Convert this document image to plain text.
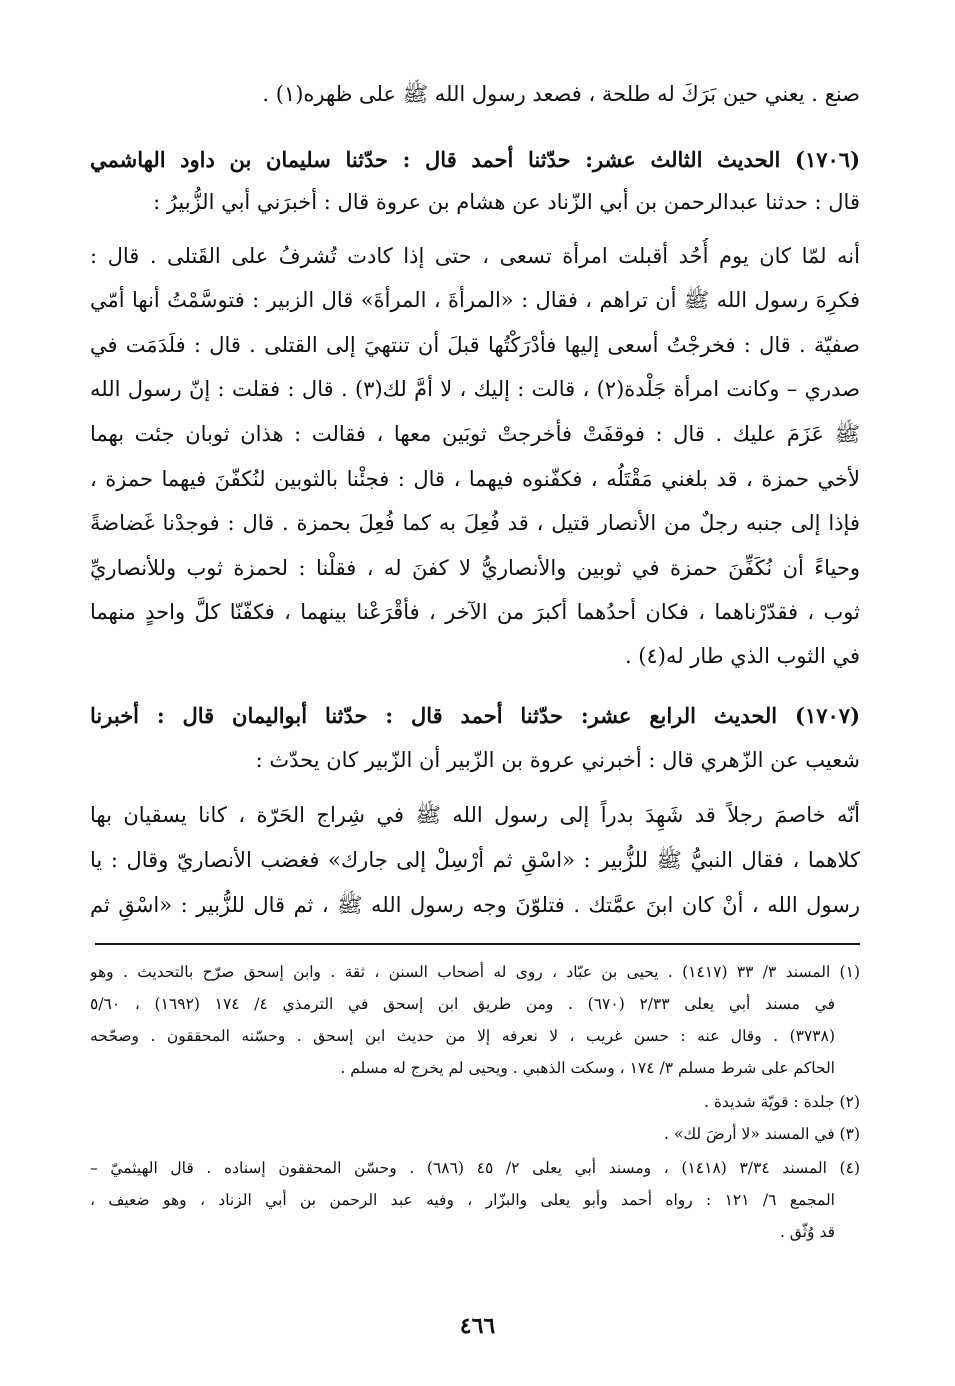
صنع . يعني حين بَرَكَ له طلحة ، فصعد رسول الله ﷺ على ظهره(١) .
(١٧٠٦) الحديث الثالث عشر: حدّثنا أحمد قال : حدّثنا سليمان بن داود الهاشمي
قال : حدثنا عبدالرحمن بن أبي الزّناد عن هشام بن عروة قال : أخبرَني أبي الزُّبيرُ :
أنه لمّا كان يوم أُحُد أقبلت امرأة تسعى ، حتى إذا كادت تُشرفُ على القَتلى . قال :
فكرِهَ رسول الله ﷺ أن تراهم ، فقال : «المرأةَ ، المرأةَ» قال الزبير : فتوسَّمْتُ أنها أمّي
صفيّة . قال : فخرجْتُ أسعى إليها فأدْرَكْتُها قبلَ أن تنتهيَ إلى القتلى . قال : فلَدَمَت في
صدري – وكانت امرأة جَلْدة(٢) ، قالت : إليك ، لا أمَّ لك(٣) . قال : فقلت : إنّ رسول الله
ﷺ عَزَمَ عليك . قال : فوقفَتْ فأخرجتْ ثوبَين معها ، فقالت : هذان ثوبان جئت بهما
لأخي حمزة ، قد بلغني مَقْتَلُه ، فكفّنوه فيهما ، قال : فجئْنا بالثوبين لنُكفّنَ فيهما حمزة ،
فإذا إلى جنبه رجلٌ من الأنصار قتيل ، قد فُعِلَ به كما فُعِلَ بحمزة . قال : فوجدْنا غَضاضةً
وحياءً أن نُكَفِّنَ حمزة في ثوبين والأنصاريُّ لا كفنَ له ، فقلْنا : لحمزة ثوب وللأنصاريِّ
ثوب ، فقدّرْناهما ، فكان أحدُهما أكبرَ من الآخر ، فأقْرَعْنا بينهما ، فكفّنّا كلَّ واحدٍ منهما
في الثوب الذي طار له(٤) .
(١٧٠٧) الحديث الرابع عشر: حدّثنا أحمد قال : حدّثنا أبواليمان قال : أخبرنا
شعيب عن الزّهري قال : أخبرني عروة بن الزّبير أن الزّبير كان يحدّث :
أنّه خاصمَ رجلاً قد شَهِدَ بدراً إلى رسول الله ﷺ في شِراج الحَرّة ، كانا يسقيان بها
كلاهما ، فقال النبيُّ ﷺ للزُّبير : «اسْقِ ثم أرْسِلْ إلى جارك» فغضب الأنصاريّ وقال : يا
رسول الله ، أنْ كان ابنَ عمَّتك . فتلوّنَ وجه رسول الله ﷺ ، ثم قال للزُّبير : «اسْقِ ثم
(١) المسند ٣/ ٣٣ (١٤١٧) . يحيى بن عبّاد ، روى له أصحاب السنن ، ثقة . وابن إسحق صرّح بالتحديث . وهو
في مسند أبي يعلى ٢/٣٣ (٦٧٠) . ومن طريق ابن إسحق في الترمذي ٤/ ١٧٤ (١٦٩٢) ، ٥/٦٠
(٣٧٣٨) . وقال عنه : حسن غريب ، لا نعرفه إلا من حديث ابن إسحق . وحسّنه المحققون . وصحّحه
الحاكم على شرط مسلم ٣/ ١٧٤ ، وسكت الذهبي . ويحيى لم يخرج له مسلم .
(٢) جلدة : قويّة شديدة .
(٣) في المسند «لا أرضَ لك» .
(٤) المسند ٣/٣٤ (١٤١٨) ، ومسند أبي يعلى ٢/ ٤٥ (٦٨٦) . وحسّن المحققون إسناده . قال الهيثميّ –
المجمع ٦/ ١٢١ : رواه أحمد وأبو يعلى والبزّار ، وفيه عبد الرحمن بن أبي الزناد ، وهو ضعيف ،
قد وُثّق .
٤٦٦
